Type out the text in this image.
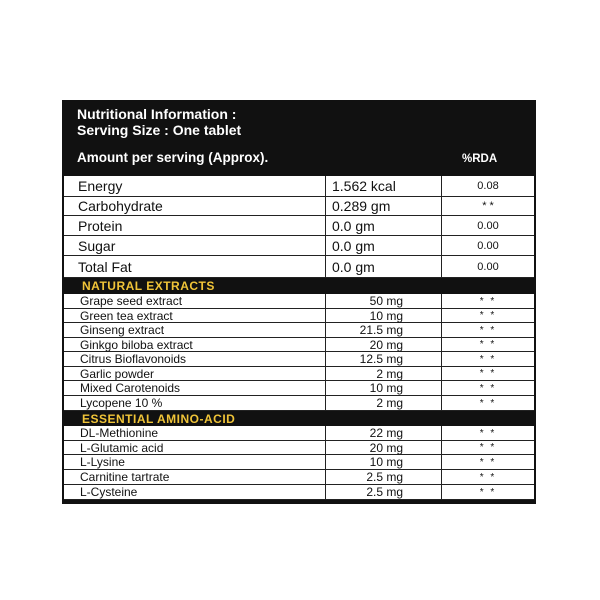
Nutritional Information :
Serving Size : One tablet
Amount per serving (Approx).	%RDA
Energy	1.562 kcal	0.08
Carbohydrate	0.289 gm	* *
Protein	0.0 gm	0.00
Sugar	0.0 gm	0.00
Total Fat	0.0 gm	0.00
NATURAL EXTRACTS
Grape seed extract	50 mg	* *
Green tea extract	10 mg	* *
Ginseng extract	21.5 mg	* *
Ginkgo biloba extract	20 mg	* *
Citrus Bioflavonoids	12.5 mg	* *
Garlic powder	2 mg	* *
Mixed Carotenoids	10 mg	* *
Lycopene 10 %	2 mg	* *
ESSENTIAL AMINO-ACID
DL-Methionine	22 mg	* *
L-Glutamic acid	20 mg	* *
L-Lysine	10 mg	* *
Carnitine tartrate	2.5 mg	* *
L-Cysteine	2.5 mg	* *
